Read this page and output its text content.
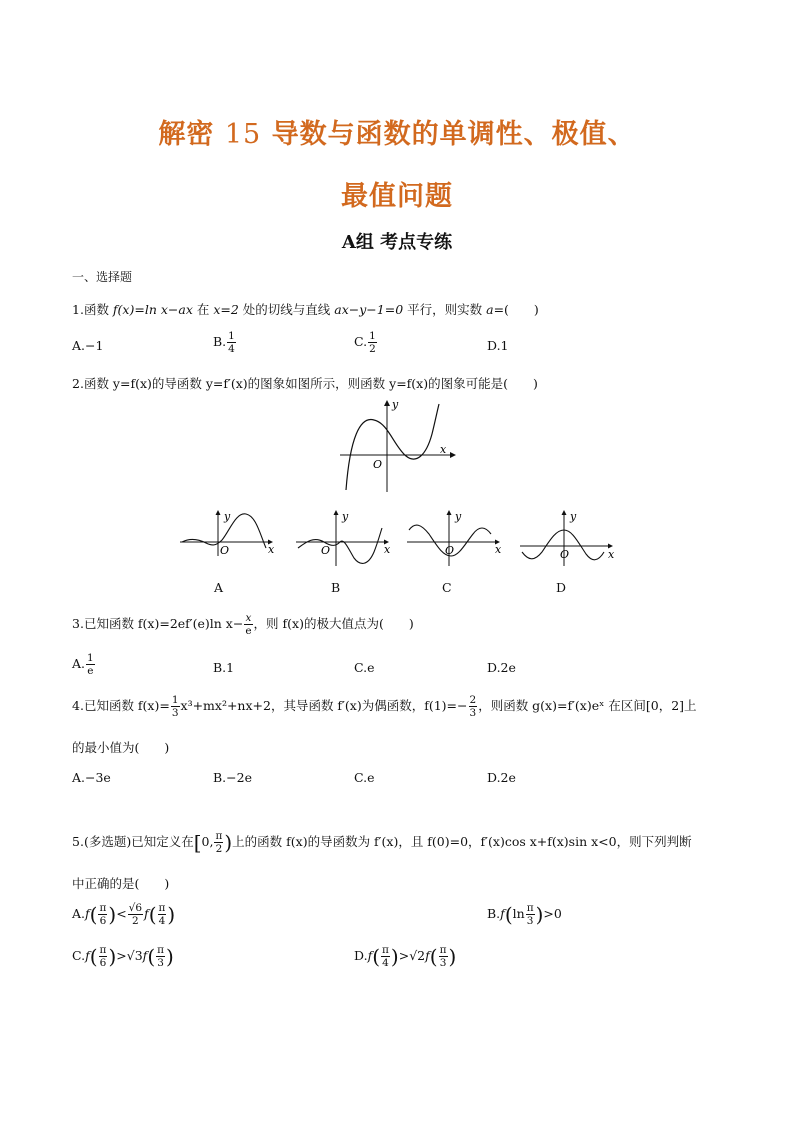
解密 15 导数与函数的单调性、极值、
最值问题
A组 考点专练
一、选择题
1.函数 f(x)=ln x−ax 在 x=2 处的切线与直线 ax−y−1=0 平行，则实数 a=(　　)
A.−1	B. $\frac{1}{4}$	C. $\frac{1}{2}$	D.1
2.函数 y=f(x)的导函数 y=f′(x)的图象如图所示，则函数 y=f(x)的图象可能是(　　)
y
x
O
y
x
O
A
y
x
O
B
y
x
O
C
y
x
O
D
3.已知函数 f(x)=2ef′(e)ln $x- \frac{x}{e}$ ，则 f(x)的极大值点为(　　)
A. $\frac{1}{e}$	B.1	C.e	D.2e
4.已知函数 $f(x)= \frac{1}{3} x^3+mx^2+nx+2$，其导函数 f′(x)为偶函数，$f(1)=- \frac{2}{3}$ ，则函数 g(x)=f′(x)eˣ 在区间[0，2]上
的最小值为(　　)
A.−3e	B.−2e	C.e	D.2e
5.(多选题)已知定义在[0, $\frac{\pi}{2}$ )上的函数 f(x)的导函数为 f′(x)，且 f(0)=0，f′(x)cos x+f(x)sin x<0，则下列判断
中正确的是(　　)
$A.f( \frac{\pi}{6}$ )< $\frac{√6}{2} f( \frac{\pi}{4}$ )	$B.f(\ln \frac{\pi}{3} )>0$
$C.f( \frac{\pi}{6} )>√3f( \frac{\pi}{3}$ )	$D.f( \frac{\pi}{4} )>√2f( \frac{\pi}{3}$ )
